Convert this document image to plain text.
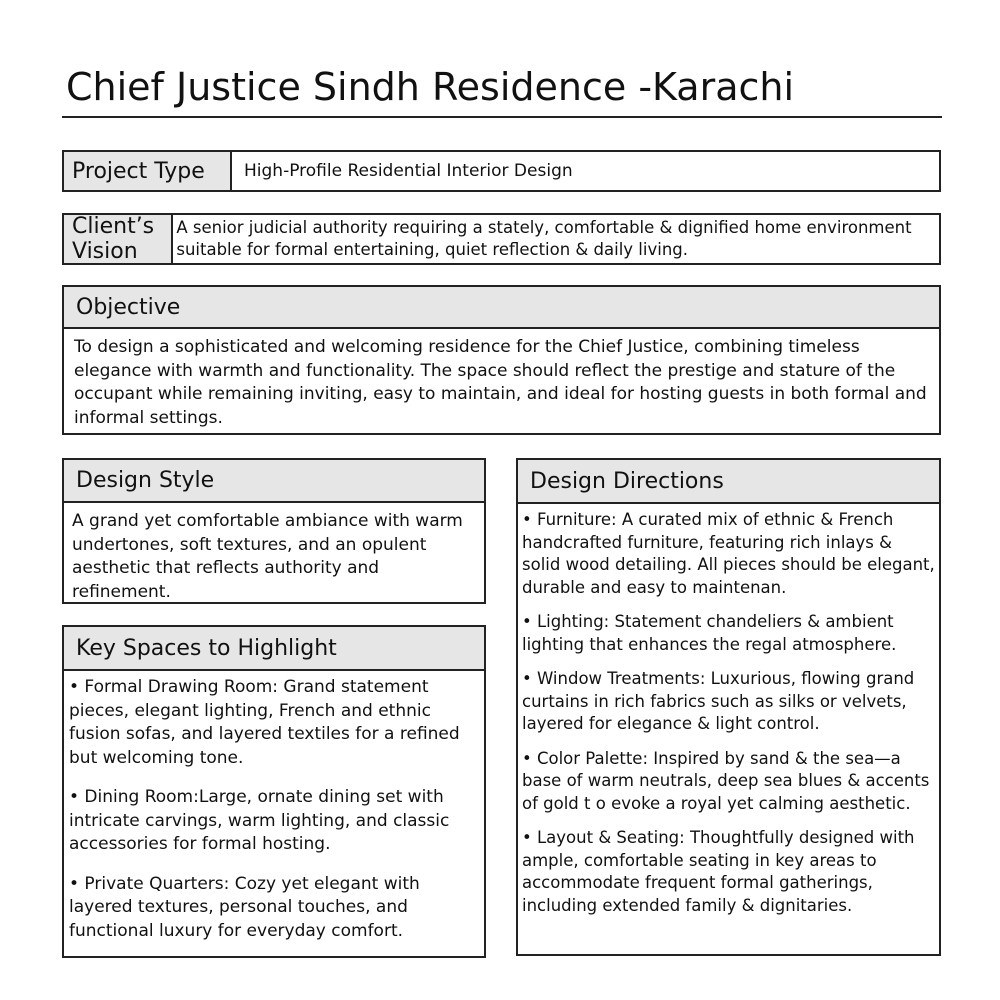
Chief Justice Sindh Residence -Karachi
Project Type	High-Profile Residential Interior Design
Client’s Vision
A senior judicial authority requiring a stately, comfortable & dignified home environment suitable for formal entertaining, quiet reflection & daily living.
Objective
To design a sophisticated and welcoming residence for the Chief Justice, combining timeless elegance with warmth and functionality. The space should reflect the prestige and stature of the occupant while remaining inviting, easy to maintain, and ideal for hosting guests in both formal and informal settings.
Design Style
A grand yet comfortable ambiance with warm undertones, soft textures, and an opulent aesthetic that reflects authority and refinement.
Key Spaces to Highlight

• Formal Drawing Room: Grand statement pieces, elegant lighting, French and ethnic fusion sofas, and layered textiles for a refined but welcoming tone.

• Dining Room:Large, ornate dining set with intricate carvings, warm lighting, and classic accessories for formal hosting.

• Private Quarters: Cozy yet elegant with layered textures, personal touches, and functional luxury for everyday comfort.

Design Directions

• Furniture: A curated mix of ethnic & French handcrafted furniture, featuring rich inlays & solid wood detailing. All pieces should be elegant, durable and easy to maintenan.

• Lighting: Statement chandeliers & ambient lighting that enhances the regal atmosphere.

• Window Treatments: Luxurious, flowing grand curtains in rich fabrics such as silks or velvets, layered for elegance & light control.

• Color Palette: Inspired by sand & the sea—a base of warm neutrals, deep sea blues & accents of gold t o evoke a royal yet calming aesthetic.

• Layout & Seating: Thoughtfully designed with ample, comfortable seating in key areas to accommodate frequent formal gatherings, including extended family & dignitaries.
